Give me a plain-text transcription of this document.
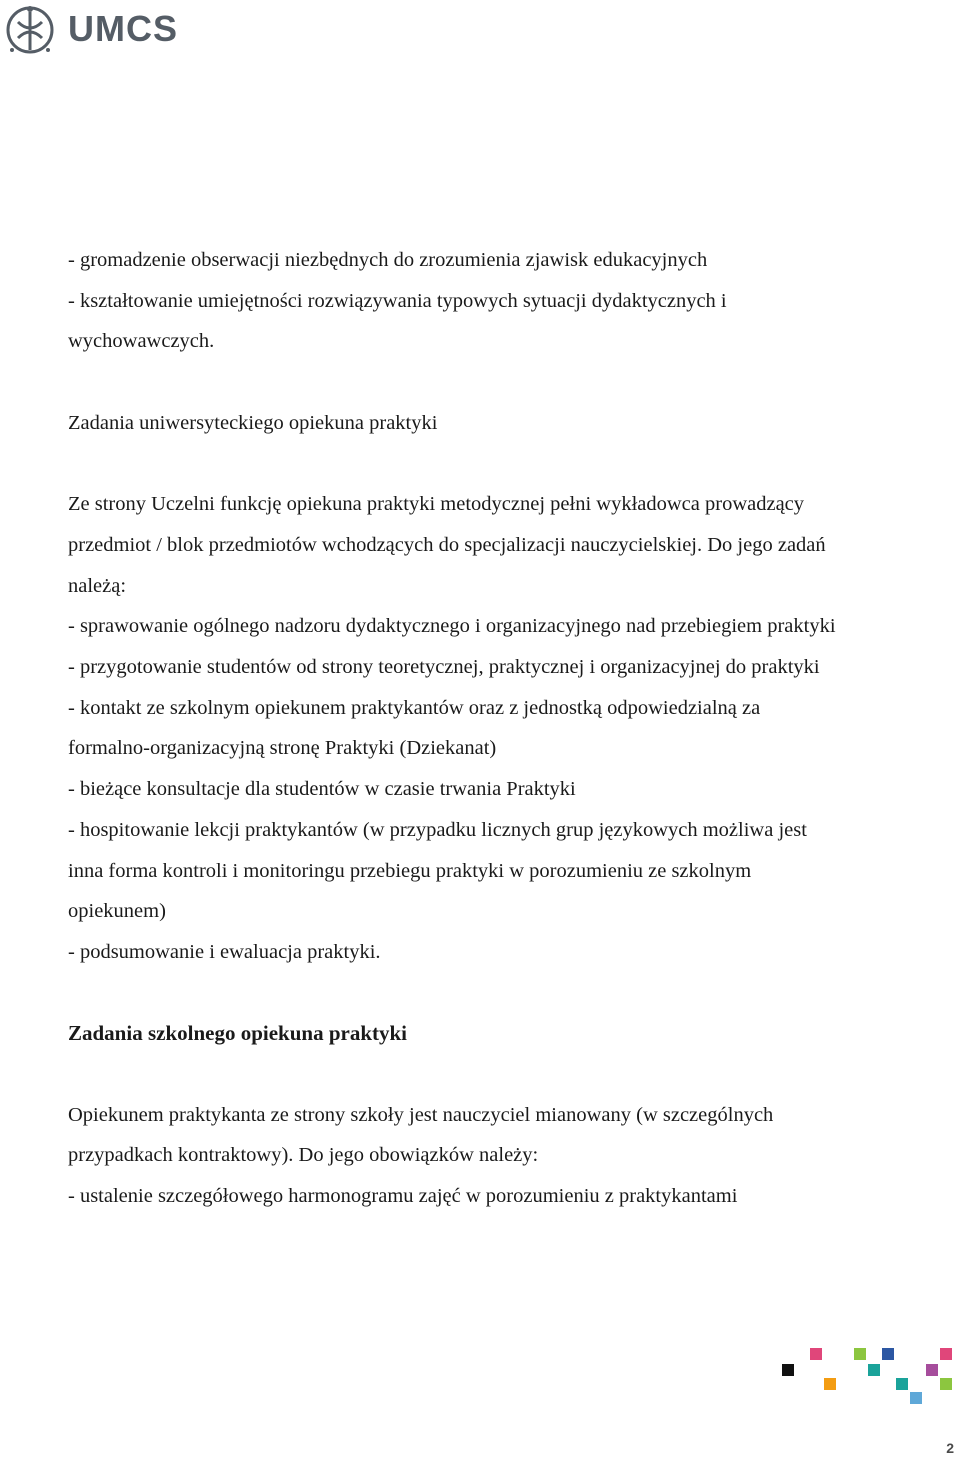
UMCS
- gromadzenie obserwacji niezbędnych do zrozumienia zjawisk edukacyjnych
- kształtowanie umiejętności rozwiązywania typowych sytuacji dydaktycznych i
wychowawczych.
Zadania uniwersyteckiego opiekuna praktyki
Ze strony Uczelni funkcję opiekuna praktyki metodycznej pełni wykładowca prowadzący
przedmiot / blok przedmiotów wchodzących do specjalizacji nauczycielskiej. Do jego zadań
należą:
- sprawowanie ogólnego nadzoru dydaktycznego i organizacyjnego nad przebiegiem praktyki
- przygotowanie studentów od strony teoretycznej, praktycznej i organizacyjnej do praktyki
- kontakt ze szkolnym opiekunem praktykantów oraz z jednostką odpowiedzialną za
formalno-organizacyjną stronę Praktyki (Dziekanat)
- bieżące konsultacje dla studentów w czasie trwania Praktyki
- hospitowanie lekcji praktykantów (w przypadku licznych grup językowych możliwa jest
inna forma kontroli i monitoringu przebiegu praktyki w porozumieniu ze szkolnym
opiekunem)
- podsumowanie i ewaluacja praktyki.
Zadania szkolnego opiekuna praktyki
Opiekunem praktykanta ze strony szkoły jest nauczyciel mianowany (w szczególnych
przypadkach kontraktowy). Do jego obowiązków należy:
- ustalenie szczegółowego harmonogramu zajęć w porozumieniu z praktykantami
2
